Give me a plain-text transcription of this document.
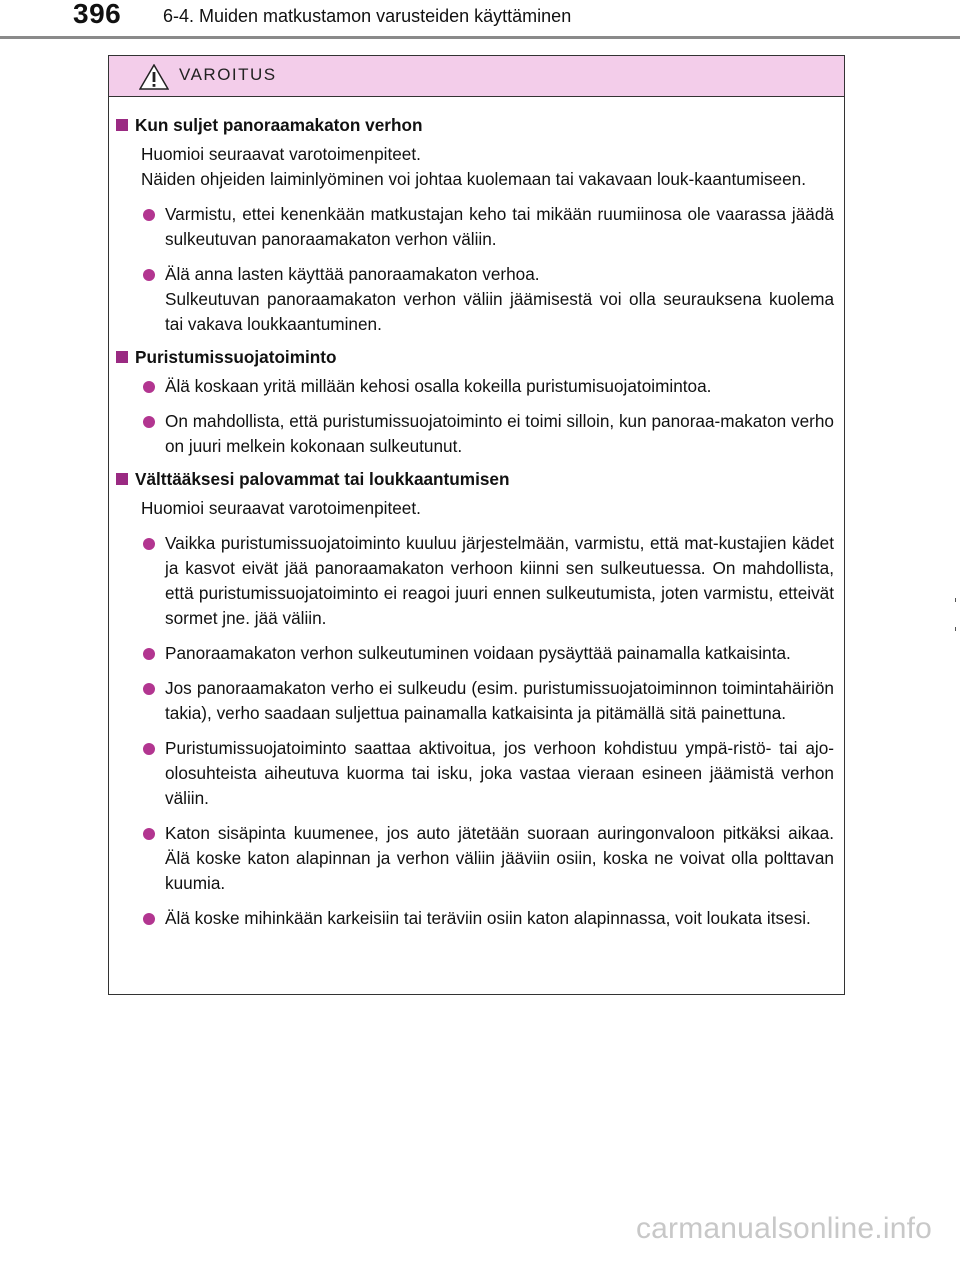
396 6-4. Muiden matkustamon varusteiden käyttäminen
VAROITUS
Kun suljet panoraamakaton verhon
Huomioi seuraavat varotoimenpiteet.
Näiden ohjeiden laiminlyöminen voi johtaa kuolemaan tai vakavaan louk-kaantumiseen.
Varmistu, ettei kenenkään matkustajan keho tai mikään ruumiinosa ole vaarassa jäädä sulkeutuvan panoraamakaton verhon väliin.
Älä anna lasten käyttää panoraamakaton verhoa.
Sulkeutuvan panoraamakaton verhon väliin jäämisestä voi olla seurauksena kuolema tai vakava loukkaantuminen.
Puristumissuojatoiminto
Älä koskaan yritä millään kehosi osalla kokeilla puristumisuojatoimintoa.
On mahdollista, että puristumissuojatoiminto ei toimi silloin, kun panoraa-makaton verho on juuri melkein kokonaan sulkeutunut.
Välttääksesi palovammat tai loukkaantumisen
Huomioi seuraavat varotoimenpiteet.
Vaikka puristumissuojatoiminto kuuluu järjestelmään, varmistu, että mat-kustajien kädet ja kasvot eivät jää panoraamakaton verhoon kiinni sen sulkeutuessa. On mahdollista, että puristumissuojatoiminto ei reagoi juuri ennen sulkeutumista, joten varmistu, etteivät sormet jne. jää väliin.
Panoraamakaton verhon sulkeutuminen voidaan pysäyttää painamalla katkaisinta.
Jos panoraamakaton verho ei sulkeudu (esim. puristumissuojatoiminnon toimintahäiriön takia), verho saadaan suljettua painamalla katkaisinta ja pitämällä sitä painettuna.
Puristumissuojatoiminto saattaa aktivoitua, jos verhoon kohdistuu ympä-ristö- tai ajo-olosuhteista aiheutuva kuorma tai isku, joka vastaa vieraan esineen jäämistä verhon väliin.
Katon sisäpinta kuumenee, jos auto jätetään suoraan auringonvaloon pitkäksi aikaa. Älä koske katon alapinnan ja verhon väliin jääviin osiin, koska ne voivat olla polttavan kuumia.
Älä koske mihinkään karkeisiin tai teräviin osiin katon alapinnassa, voit loukata itsesi.
carmanualsonline.info
